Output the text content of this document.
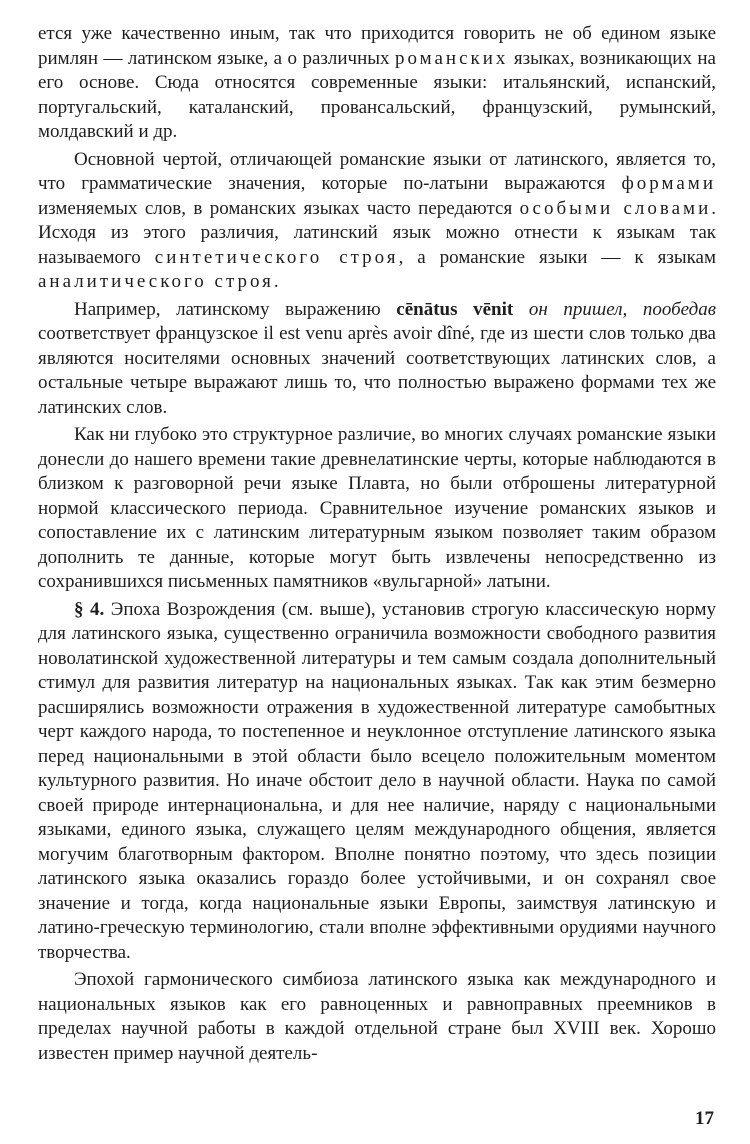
ется уже качественно иным, так что приходится говорить не об едином языке римлян — латинском языке, а о различных романских языках, возникающих на его основе. Сюда относятся современные языки: итальянский, испанский, португальский, каталанский, провансальский, французский, румынский, молдавский и др.

Основной чертой, отличающей романские языки от латинского, является то, что грамматические значения, которые по-латыни выражаются формами изменяемых слов, в романских языках часто передаются особыми словами. Исходя из этого различия, латинский язык можно отнести к языкам так называемого синтетического строя, а романские языки — к языкам аналитического строя.

Например, латинскому выражению cēnātus vēnit он пришел, пообедав соответствует французское il est venu après avoir dîné, где из шести слов только два являются носителями основных значений соответствующих латинских слов, а остальные четыре выражают лишь то, что полностью выражено формами тех же латинских слов.

Как ни глубоко это структурное различие, во многих случаях романские языки донесли до нашего времени такие древнелатинские черты, которые наблюдаются в близком к разговорной речи языке Плавта, но были отброшены литературной нормой классического периода. Сравнительное изучение романских языков и сопоставление их с латинским литературным языком позволяет таким образом дополнить те данные, которые могут быть извлечены непосредственно из сохранившихся письменных памятников «вульгарной» латыни.

§ 4. Эпоха Возрождения (см. выше), установив строгую классическую норму для латинского языка, существенно ограничила возможности свободного развития новолатинской художественной литературы и тем самым создала дополнительный стимул для развития литератур на национальных языках. Так как этим безмерно расширялись возможности отражения в художественной литературе самобытных черт каждого народа, то постепенное и неуклонное отступление латинского языка перед национальными в этой области было всецело положительным моментом культурного развития. Но иначе обстоит дело в научной области. Наука по самой своей природе интернациональна, и для нее наличие, наряду с национальными языками, единого языка, служащего целям международного общения, является могучим благотворным фактором. Вполне понятно поэтому, что здесь позиции латинского языка оказались гораздо более устойчивыми, и он сохранял свое значение и тогда, когда национальные языки Европы, заимствуя латинскую и латино-греческую терминологию, стали вполне эффективными орудиями научного творчества.

Эпохой гармонического симбиоза латинского языка как международного и национальных языков как его равноценных и равноправных преемников в пределах научной работы в каждой отдельной стране был XVIII век. Хорошо известен пример научной деятель-

17
